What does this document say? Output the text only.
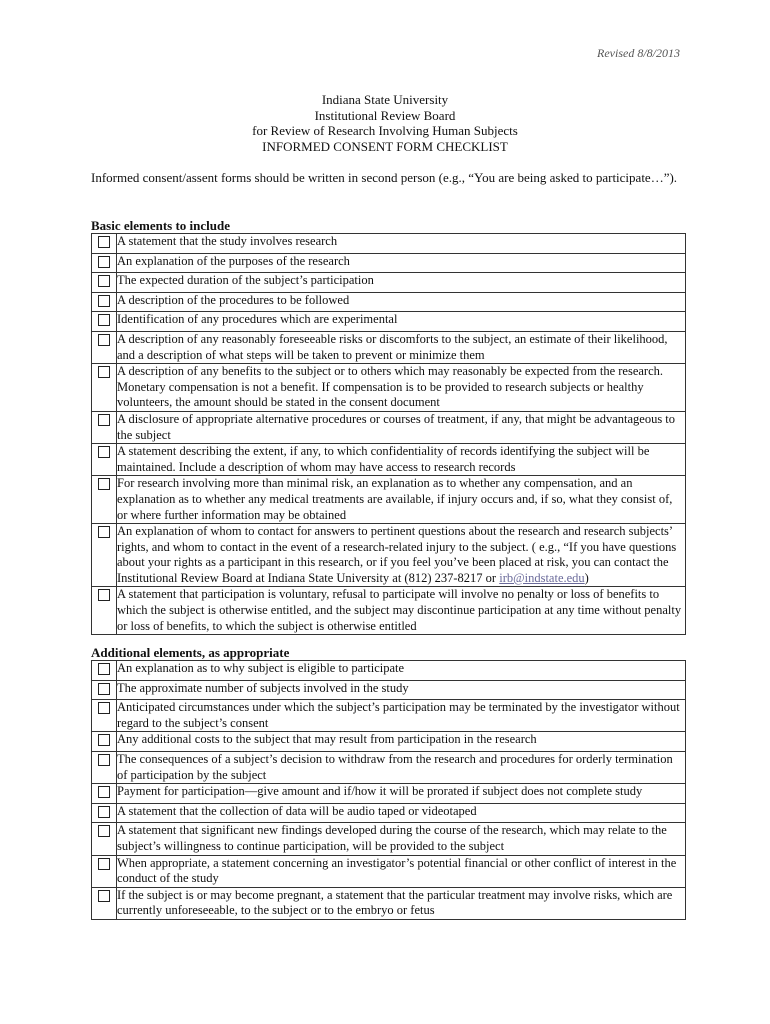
Revised 8/8/2013
Indiana State University
Institutional Review Board
for Review of Research Involving Human Subjects
INFORMED CONSENT FORM CHECKLIST
Informed consent/assent forms should be written in second person (e.g., “You are being asked to participate…”).
Basic elements to include
	A statement that the study involves research
	An explanation of the purposes of the research
	The expected duration of the subject’s participation
	A description of the procedures to be followed
	Identification of any procedures which are experimental
	A description of any reasonably foreseeable risks or discomforts to the subject, an estimate of their likelihood, and a description of what steps will be taken to prevent or minimize them
	A description of any benefits to the subject or to others which may reasonably be expected from the research. Monetary compensation is not a benefit. If compensation is to be provided to research subjects or healthy volunteers, the amount should be stated in the consent document
	A disclosure of appropriate alternative procedures or courses of treatment, if any, that might be advantageous to the subject
	A statement describing the extent, if any, to which confidentiality of records identifying the subject will be maintained. Include a description of whom may have access to research records
	For research involving more than minimal risk, an explanation as to whether any compensation, and an explanation as to whether any medical treatments are available, if injury occurs and, if so, what they consist of, or where further information may be obtained
	An explanation of whom to contact for answers to pertinent questions about the research and research subjects’ rights, and whom to contact in the event of a research-related injury to the subject. ( e.g., “If you have questions about your rights as a participant in this research, or if you feel you’ve been placed at risk, you can contact the Institutional Review Board at Indiana State University at (812) 237-8217 or irb@indstate.edu)
	A statement that participation is voluntary, refusal to participate will involve no penalty or loss of benefits to which the subject is otherwise entitled, and the subject may discontinue participation at any time without penalty or loss of benefits, to which the subject is otherwise entitled
Additional elements, as appropriate
	An explanation as to why subject is eligible to participate
	The approximate number of subjects involved in the study
	Anticipated circumstances under which the subject’s participation may be terminated by the investigator without regard to the subject’s consent
	Any additional costs to the subject that may result from participation in the research
	The consequences of a subject’s decision to withdraw from the research and procedures for orderly termination of participation by the subject
	Payment for participation—give amount and if/how it will be prorated if subject does not complete study
	A statement that the collection of data will be audio taped or videotaped
	A statement that significant new findings developed during the course of the research, which may relate to the subject’s willingness to continue participation, will be provided to the subject
	When appropriate, a statement concerning an investigator’s potential financial or other conflict of interest in the conduct of the study
	If the subject is or may become pregnant, a statement that the particular treatment may involve risks, which are currently unforeseeable, to the subject or to the embryo or fetus
